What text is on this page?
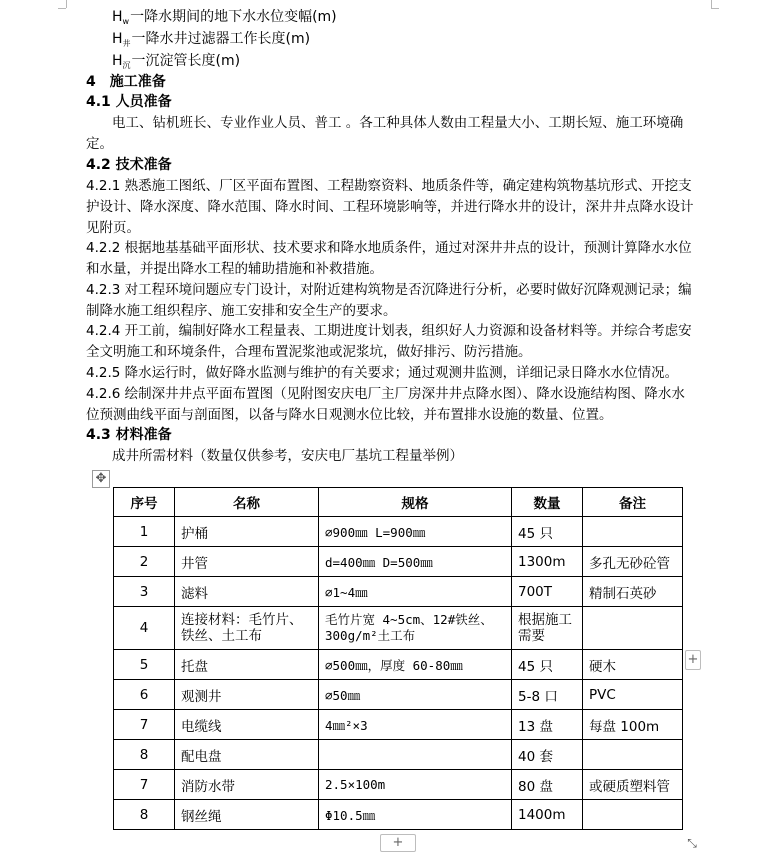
$H_w$一降水期间的地下水水位变幅(m)
$H_井$一降水井过滤器工作长度(m)
$H_沉$一沉淀管长度(m)
4 施工准备
4.1 人员准备
电工、钻机班长、专业作业人员、普工 。各工种具体人数由工程量大小、工期长短、施工环境确
定。
4.2 技术准备

4.2.1 熟悉施工图纸、厂区平面布置图、工程勘察资料、地质条件等，确定建构筑物基坑形式、开挖支

护设计、降水深度、降水范围、降水时间、工程环境影响等，并进行降水井的设计，深井井点降水设计

见附页。

4.2.2 根据地基基础平面形状、技术要求和降水地质条件，通过对深井井点的设计，预测计算降水水位

和水量，并提出降水工程的辅助措施和补救措施。

4.2.3 对工程环境问题应专门设计，对附近建构筑物是否沉降进行分析，必要时做好沉降观测记录；编

制降水施工组织程序、施工安排和安全生产的要求。

4.2.4 开工前，编制好降水工程量表、工期进度计划表，组织好人力资源和设备材料等。并综合考虑安

全文明施工和环境条件，合理布置泥浆池或泥浆坑，做好排污、防污措施。

4.2.5 降水运行时，做好降水监测与维护的有关要求；通过观测井监测，详细记录日降水水位情况。

4.2.6 绘制深井井点平面布置图（见附图安庆电厂主厂房深井井点降水图）、降水设施结构图、降水水

位预测曲线平面与剖面图，以备与降水日观测水位比较，并布置排水设施的数量、位置。

4.3 材料准备
成井所需材料（数量仅供参考，安庆电厂基坑工程量举例）
✥
序号	名称	规格	数量	备注
1	护桶	∅900㎜ L=900㎜	45 只	
2	井管	d=400㎜ D=500㎜	1300m	多孔无砂砼管
3	滤料	∅1~4㎜	700T	精制石英砂
4	连接材料：毛竹片、铁丝、土工布	毛竹片宽 4~5cm、12#铁丝、300g/m²土工布	根据施工需要	
5	托盘	∅500㎜，厚度 60-80㎜	45 只	硬木
6	观测井	∅50㎜	5-8 口	PVC
7	电缆线	4㎜²×3	13 盘	每盘 100m
8	配电盘		40 套	
7	消防水带	2.5×100m	80 盘	或硬质塑料管
8	钢丝绳	Φ10.5㎜	1400m	
+
+	⤡
